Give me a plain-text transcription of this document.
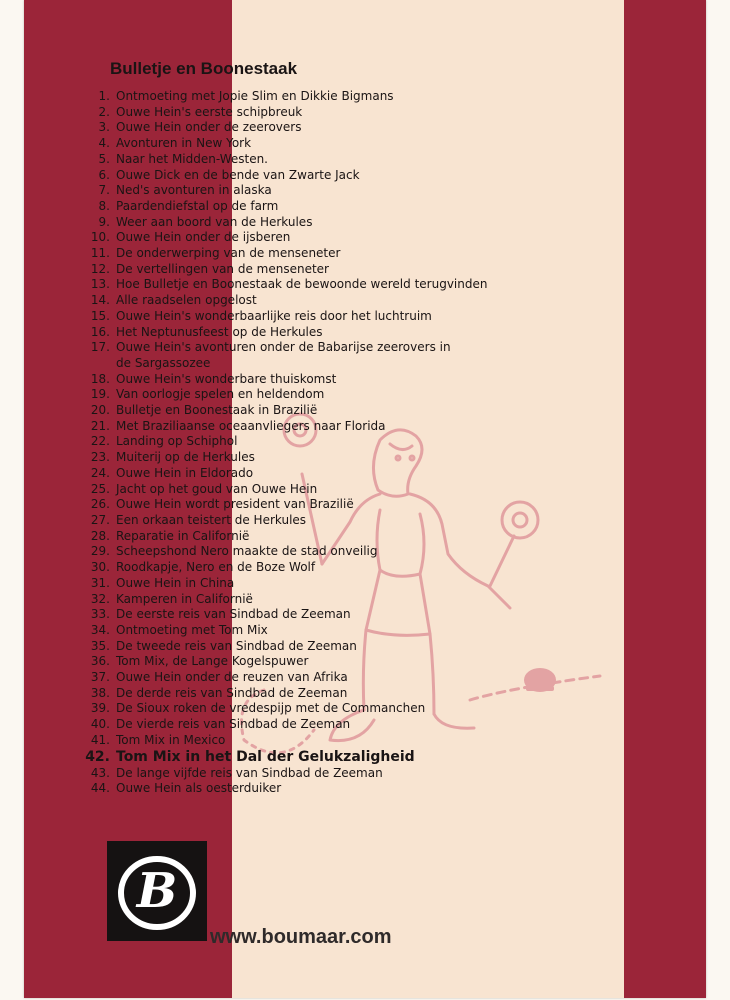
Bulletje en Boonestaak
1. Ontmoeting met Jopie Slim en Dikkie Bigmans
2. Ouwe Hein's eerste schipbreuk
3. Ouwe Hein onder de zeerovers
4. Avonturen in New York
5. Naar het Midden-Westen.
6. Ouwe Dick en de bende van Zwarte Jack
7. Ned's avonturen in alaska
8. Paardendiefstal op de farm
9. Weer aan boord van de Herkules
10. Ouwe Hein onder de ijsberen
11. De onderwerping van de menseneter
12. De vertellingen van de menseneter
13. Hoe Bulletje en Boonestaak de bewoonde wereld terugvinden
14. Alle raadselen opgelost
15. Ouwe Hein's wonderbaarlijke reis door het luchtruim
16. Het Neptunusfeest op de Herkules
17. Ouwe Hein's avonturen onder de Babarijse zeerovers in
de Sargassozee
18. Ouwe Hein's wonderbare thuiskomst
19. Van oorlogje spelen en heldendom
20. Bulletje en Boonestaak in Brazilië
21. Met Braziliaanse oceaanvliegers naar Florida
22. Landing op Schiphol
23. Muiterij op de Herkules
24. Ouwe Hein in Eldorado
25. Jacht op het goud van Ouwe Hein
26. Ouwe Hein wordt president van Brazilië
27. Een orkaan teistert de Herkules
28. Reparatie in Californië
29. Scheepshond Nero maakte de stad onveilig
30. Roodkapje, Nero en de Boze Wolf
31. Ouwe Hein in China
32. Kamperen in Californië
33. De eerste reis van Sindbad de Zeeman
34. Ontmoeting met Tom Mix
35. De tweede reis van Sindbad de Zeeman
36. Tom Mix, de Lange Kogelspuwer
37. Ouwe Hein onder de reuzen van Afrika
38. De derde reis van Sindbad de Zeeman
39. De Sioux roken de vredespijp met de Commanchen
40. De vierde reis van Sindbad de Zeeman
41. Tom Mix in Mexico
42. Tom Mix in het Dal der Gelukzaligheid
43. De lange vijfde reis van Sindbad de Zeeman
44. Ouwe Hein als oesterduiker
B

www.boumaar.com
